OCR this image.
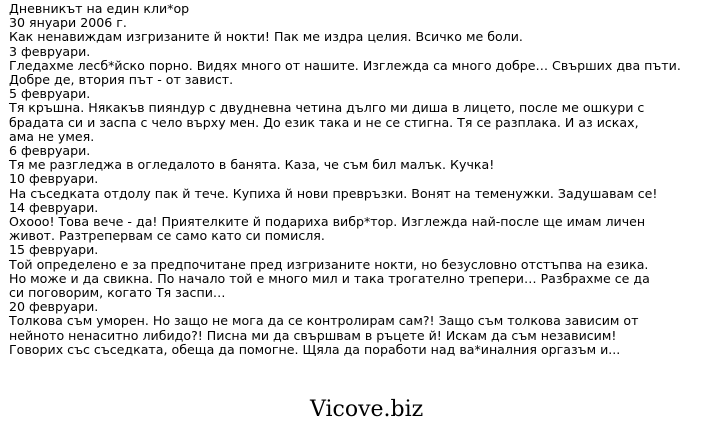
Дневникът на един кли*ор
30 януари 2006 г.
Как ненавиждам изгризаните й нокти! Пак ме издра целия. Всичко ме боли.
3 февруари.
Гледахме лесб*йско порно. Видях много от нашите. Изглежда са много добре… Свърших два пъти.
Добре де, втория път - от завист.
5 февруари.
Тя кръшна. Някакъв пияндур с двудневна четина дълго ми диша в лицето, после ме ошкури с
брадата си и заспа с чело върху мен. До език така и не се стигна. Тя се разплака. И аз исках,
ама не умея.
6 февруари.
Тя ме разгледжа в огледалото в банята. Каза, че съм бил малък. Кучка!
10 февруари.
На съседката отдолу пак й тече. Купиха й нови превръзки. Вонят на теменужки. Задушавам се!
14 февруари.
Охооо! Това вече - да! Приятелките й подариха вибр*тор. Изглежда най-после ще имам личен
живот. Разтрепервам се само като си помисля.
15 февруари.
Той определено е за предпочитане пред изгризаните нокти, но безусловно отстъпва на езика.
Но може и да свикна. По начало той е много мил и така трогателно трепери… Разбрахме се да
си поговорим, когато Тя заспи…
20 февруари.
Толкова съм уморен. Но защо не мога да се контролирам сам?! Защо съм толкова зависим от
нейното ненаситно либидо?! Писна ми да свършвам в ръцете й! Искам да съм независим!
Говорих със съседката, обеща да помогне. Щяла да поработи над ва*иналния оргазъм и...
Vicove.biz
